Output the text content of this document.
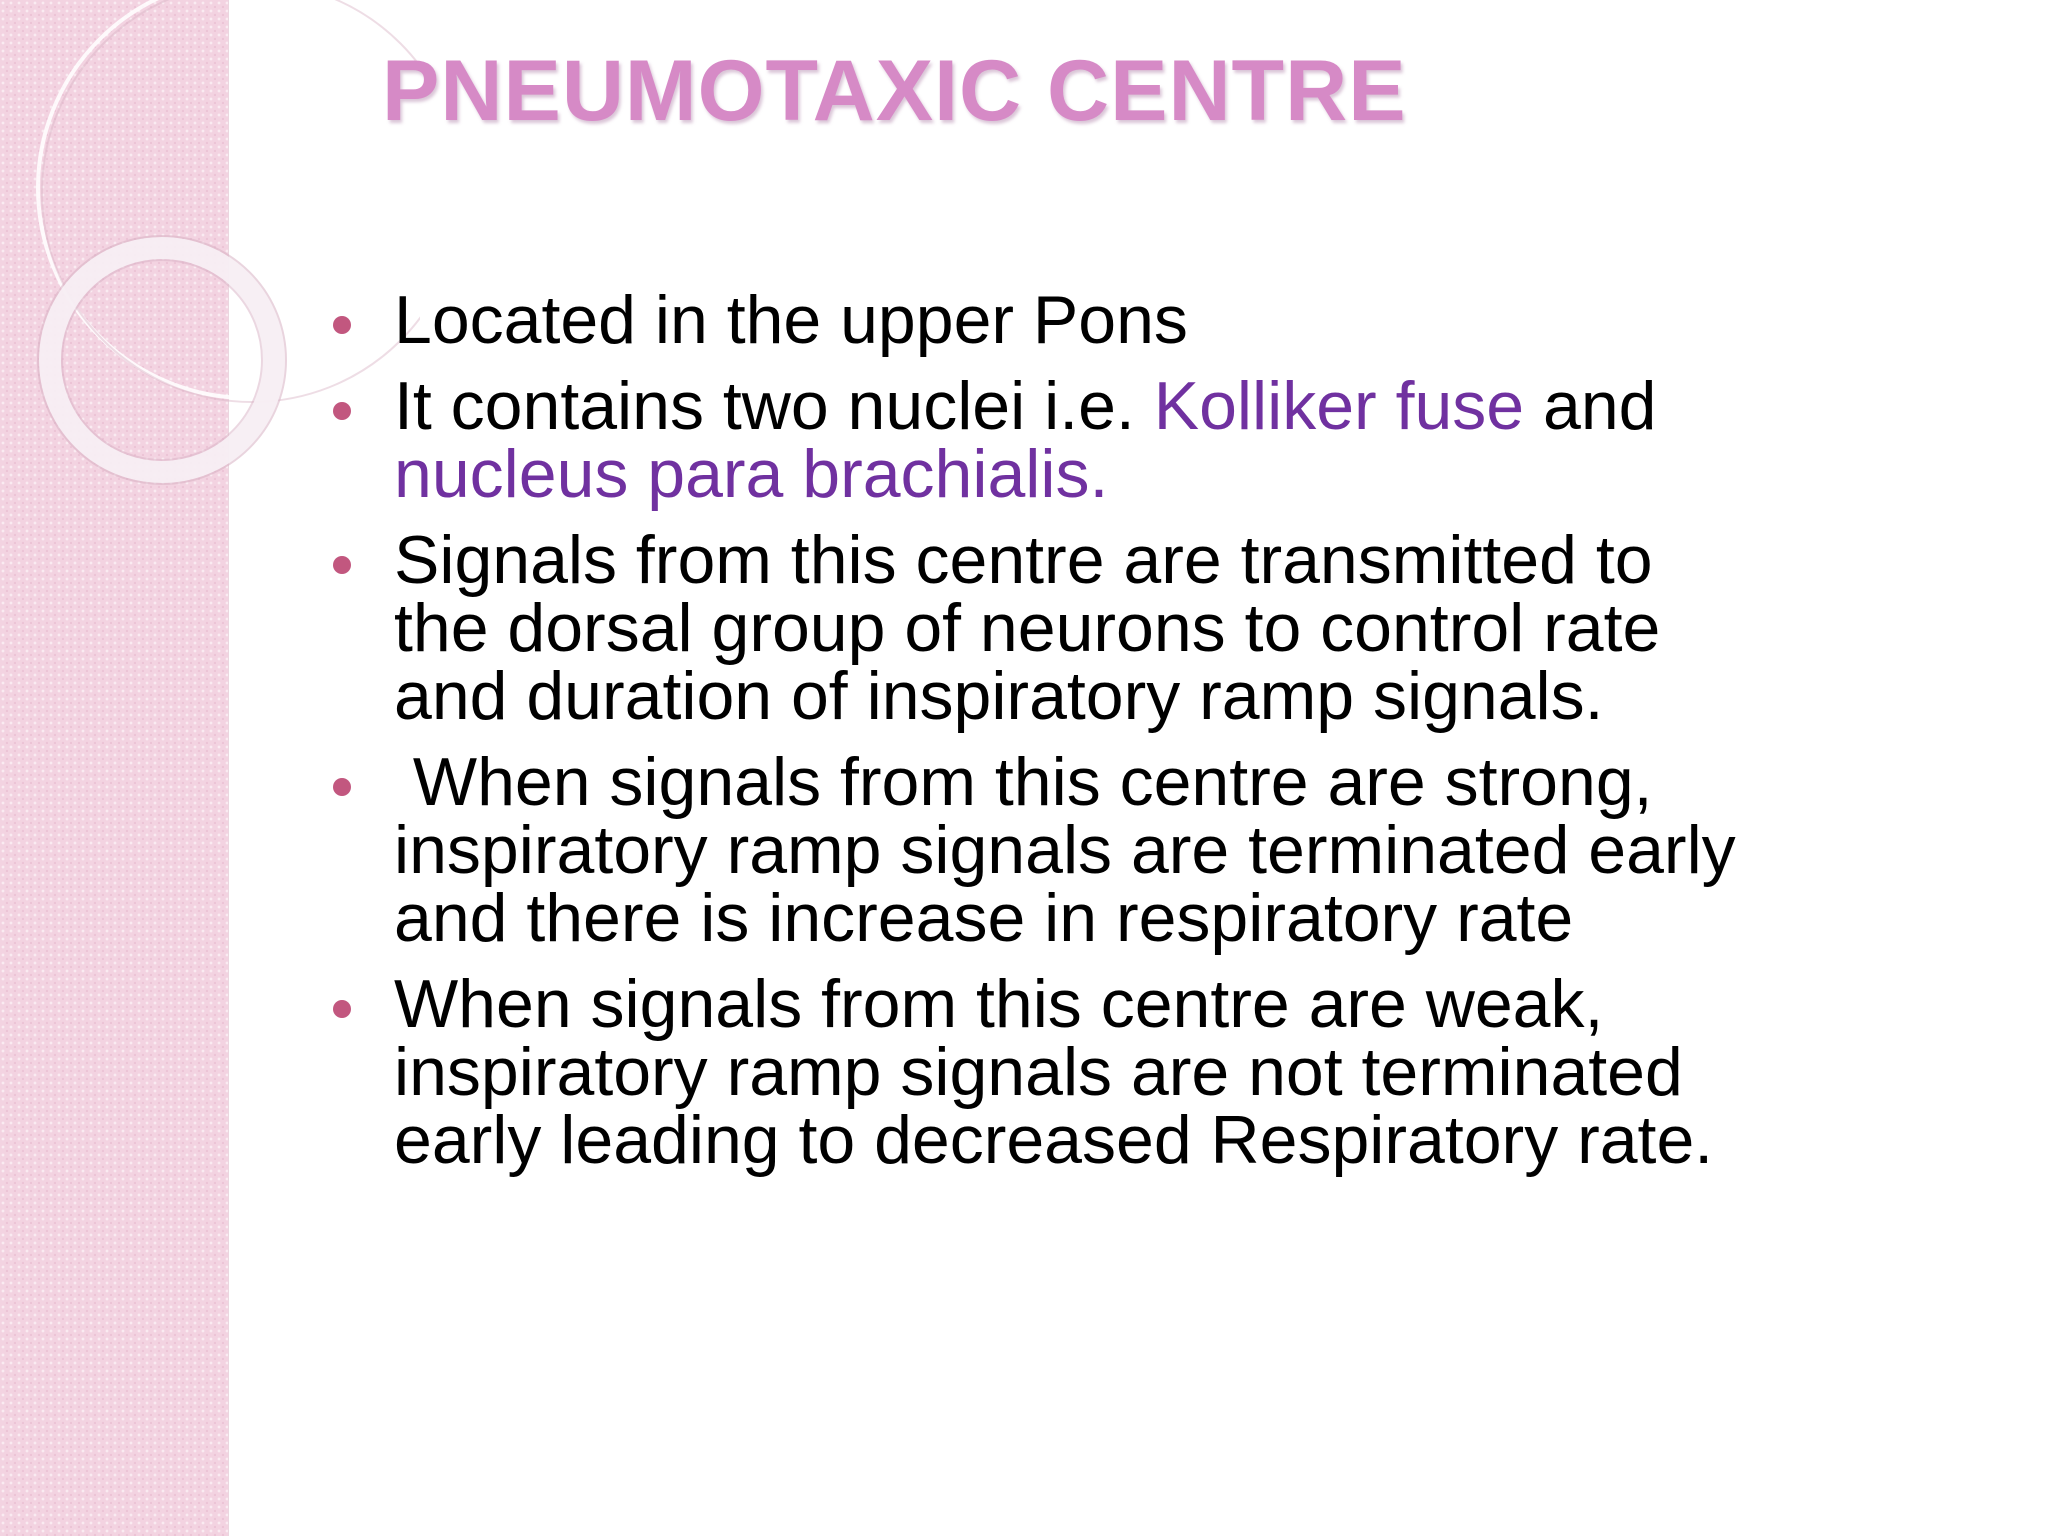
PNEUMOTAXIC CENTRE
Located in the upper Pons
It contains two nuclei i.e. Kolliker fuse and
nucleus para brachialis.
Signals from this centre are transmitted to
the dorsal group of neurons to control rate
and duration of inspiratory ramp signals.
When signals from this centre are strong,
inspiratory ramp signals are terminated early
and there is increase in respiratory rate
When signals from this centre are weak,
inspiratory ramp signals are not terminated
early leading to decreased Respiratory rate.
